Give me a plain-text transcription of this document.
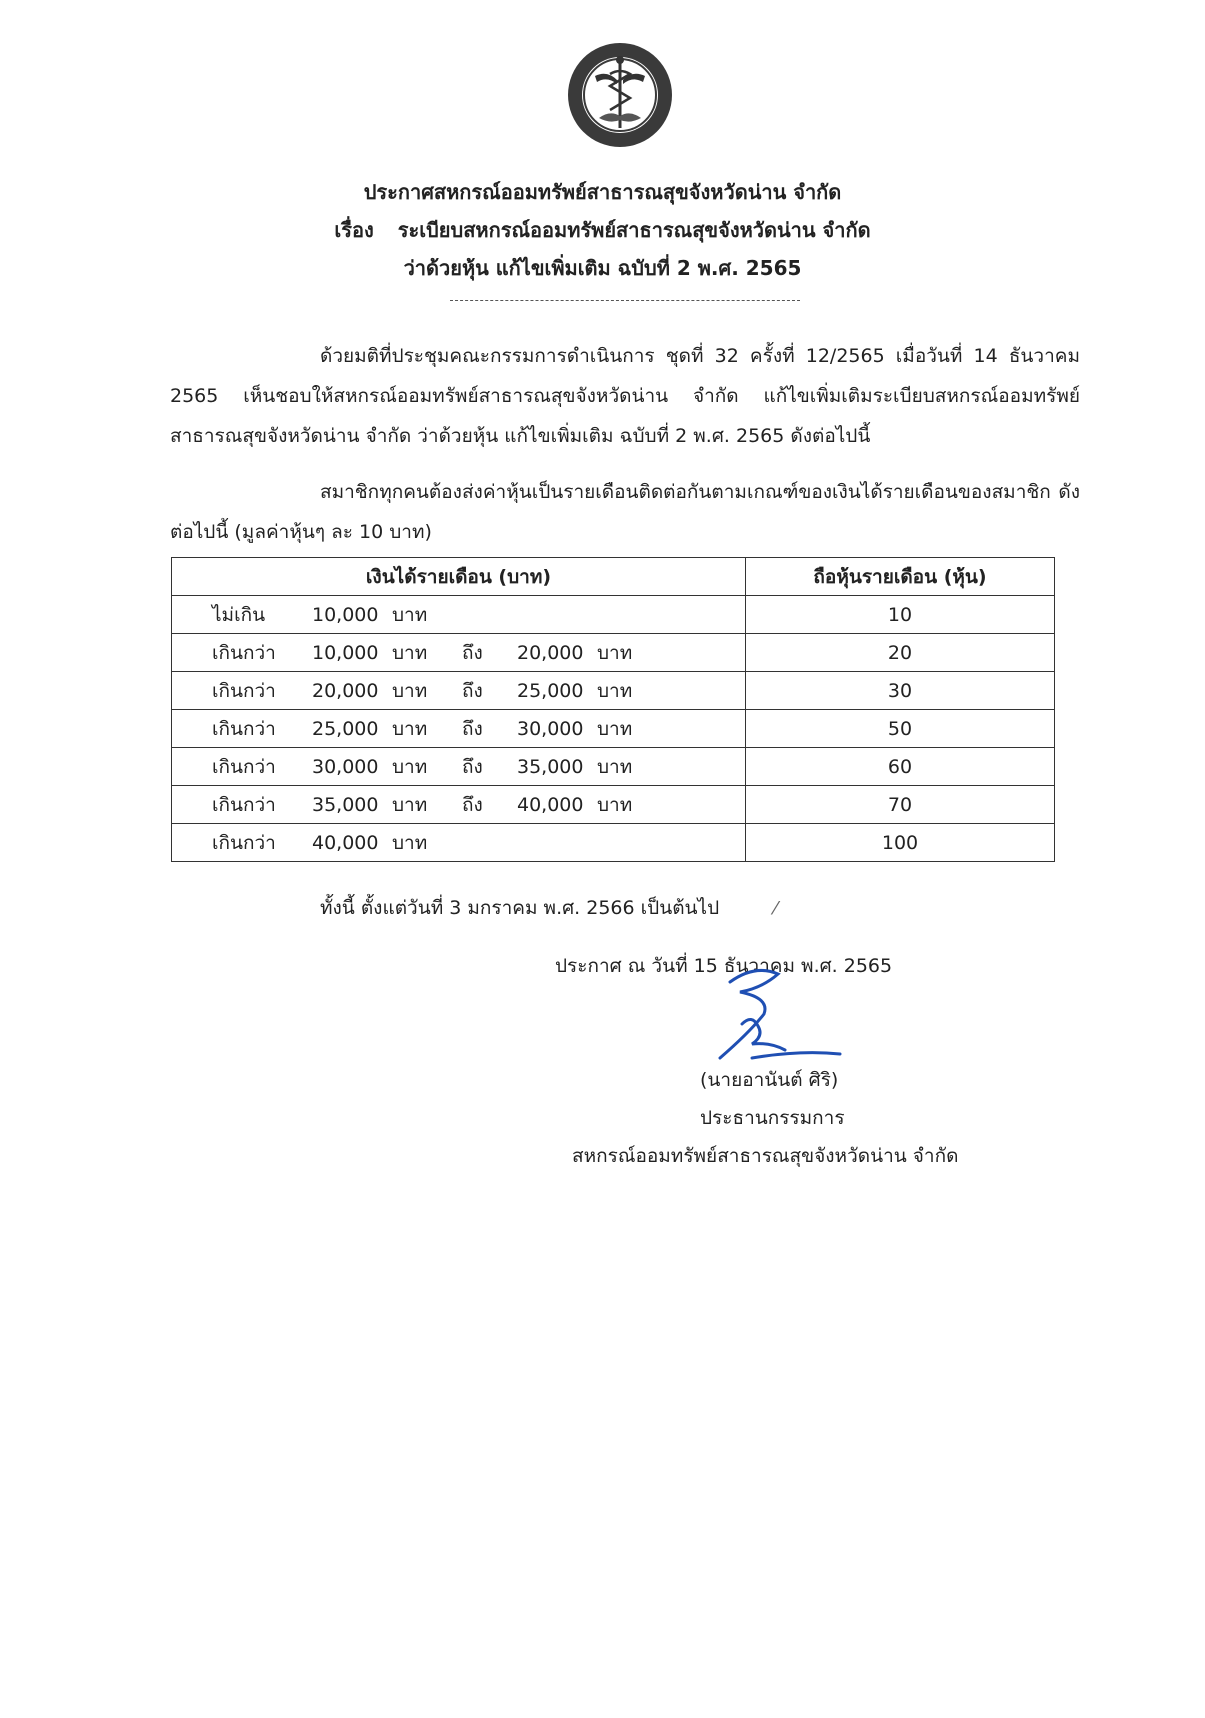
ประกาศสหกรณ์ออมทรัพย์สาธารณสุขจังหวัดน่าน จำกัด
เรื่อง ระเบียบสหกรณ์ออมทรัพย์สาธารณสุขจังหวัดน่าน จำกัด
ว่าด้วยหุ้น แก้ไขเพิ่มเติม ฉบับที่ 2 พ.ศ. 2565
ด้วยมติที่ประชุมคณะกรรมการดำเนินการ ชุดที่ 32 ครั้งที่ 12/2565 เมื่อวันที่ 14 ธันวาคม 2565 เห็นชอบให้สหกรณ์ออมทรัพย์สาธารณสุขจังหวัดน่าน จำกัด แก้ไขเพิ่มเติมระเบียบสหกรณ์ออมทรัพย์สาธารณสุขจังหวัดน่าน จำกัด ว่าด้วยหุ้น แก้ไขเพิ่มเติม ฉบับที่ 2 พ.ศ. 2565 ดังต่อไปนี้
สมาชิกทุกคนต้องส่งค่าหุ้นเป็นรายเดือนติดต่อกันตามเกณฑ์ของเงินได้รายเดือนของสมาชิก ดังต่อไปนี้ (มูลค่าหุ้นๆ ละ 10 บาท)
เงินได้รายเดือน (บาท)	ถือหุ้นรายเดือน (หุ้น)
ไม่เกิน 10,000 บาท	10
เกินกว่า 10,000 บาท ถึง 20,000 บาท	20
เกินกว่า 20,000 บาท ถึง 25,000 บาท	30
เกินกว่า 25,000 บาท ถึง 30,000 บาท	50
เกินกว่า 30,000 บาท ถึง 35,000 บาท	60
เกินกว่า 35,000 บาท ถึง 40,000 บาท	70
เกินกว่า 40,000 บาท	100
ทั้งนี้ ตั้งแต่วันที่ 3 มกราคม พ.ศ. 2566 เป็นต้นไป	⁄
ประกาศ ณ วันที่ 15 ธันวาคม พ.ศ. 2565
(นายอานันต์ ศิริ)
ประธานกรรมการ
สหกรณ์ออมทรัพย์สาธารณสุขจังหวัดน่าน จำกัด
